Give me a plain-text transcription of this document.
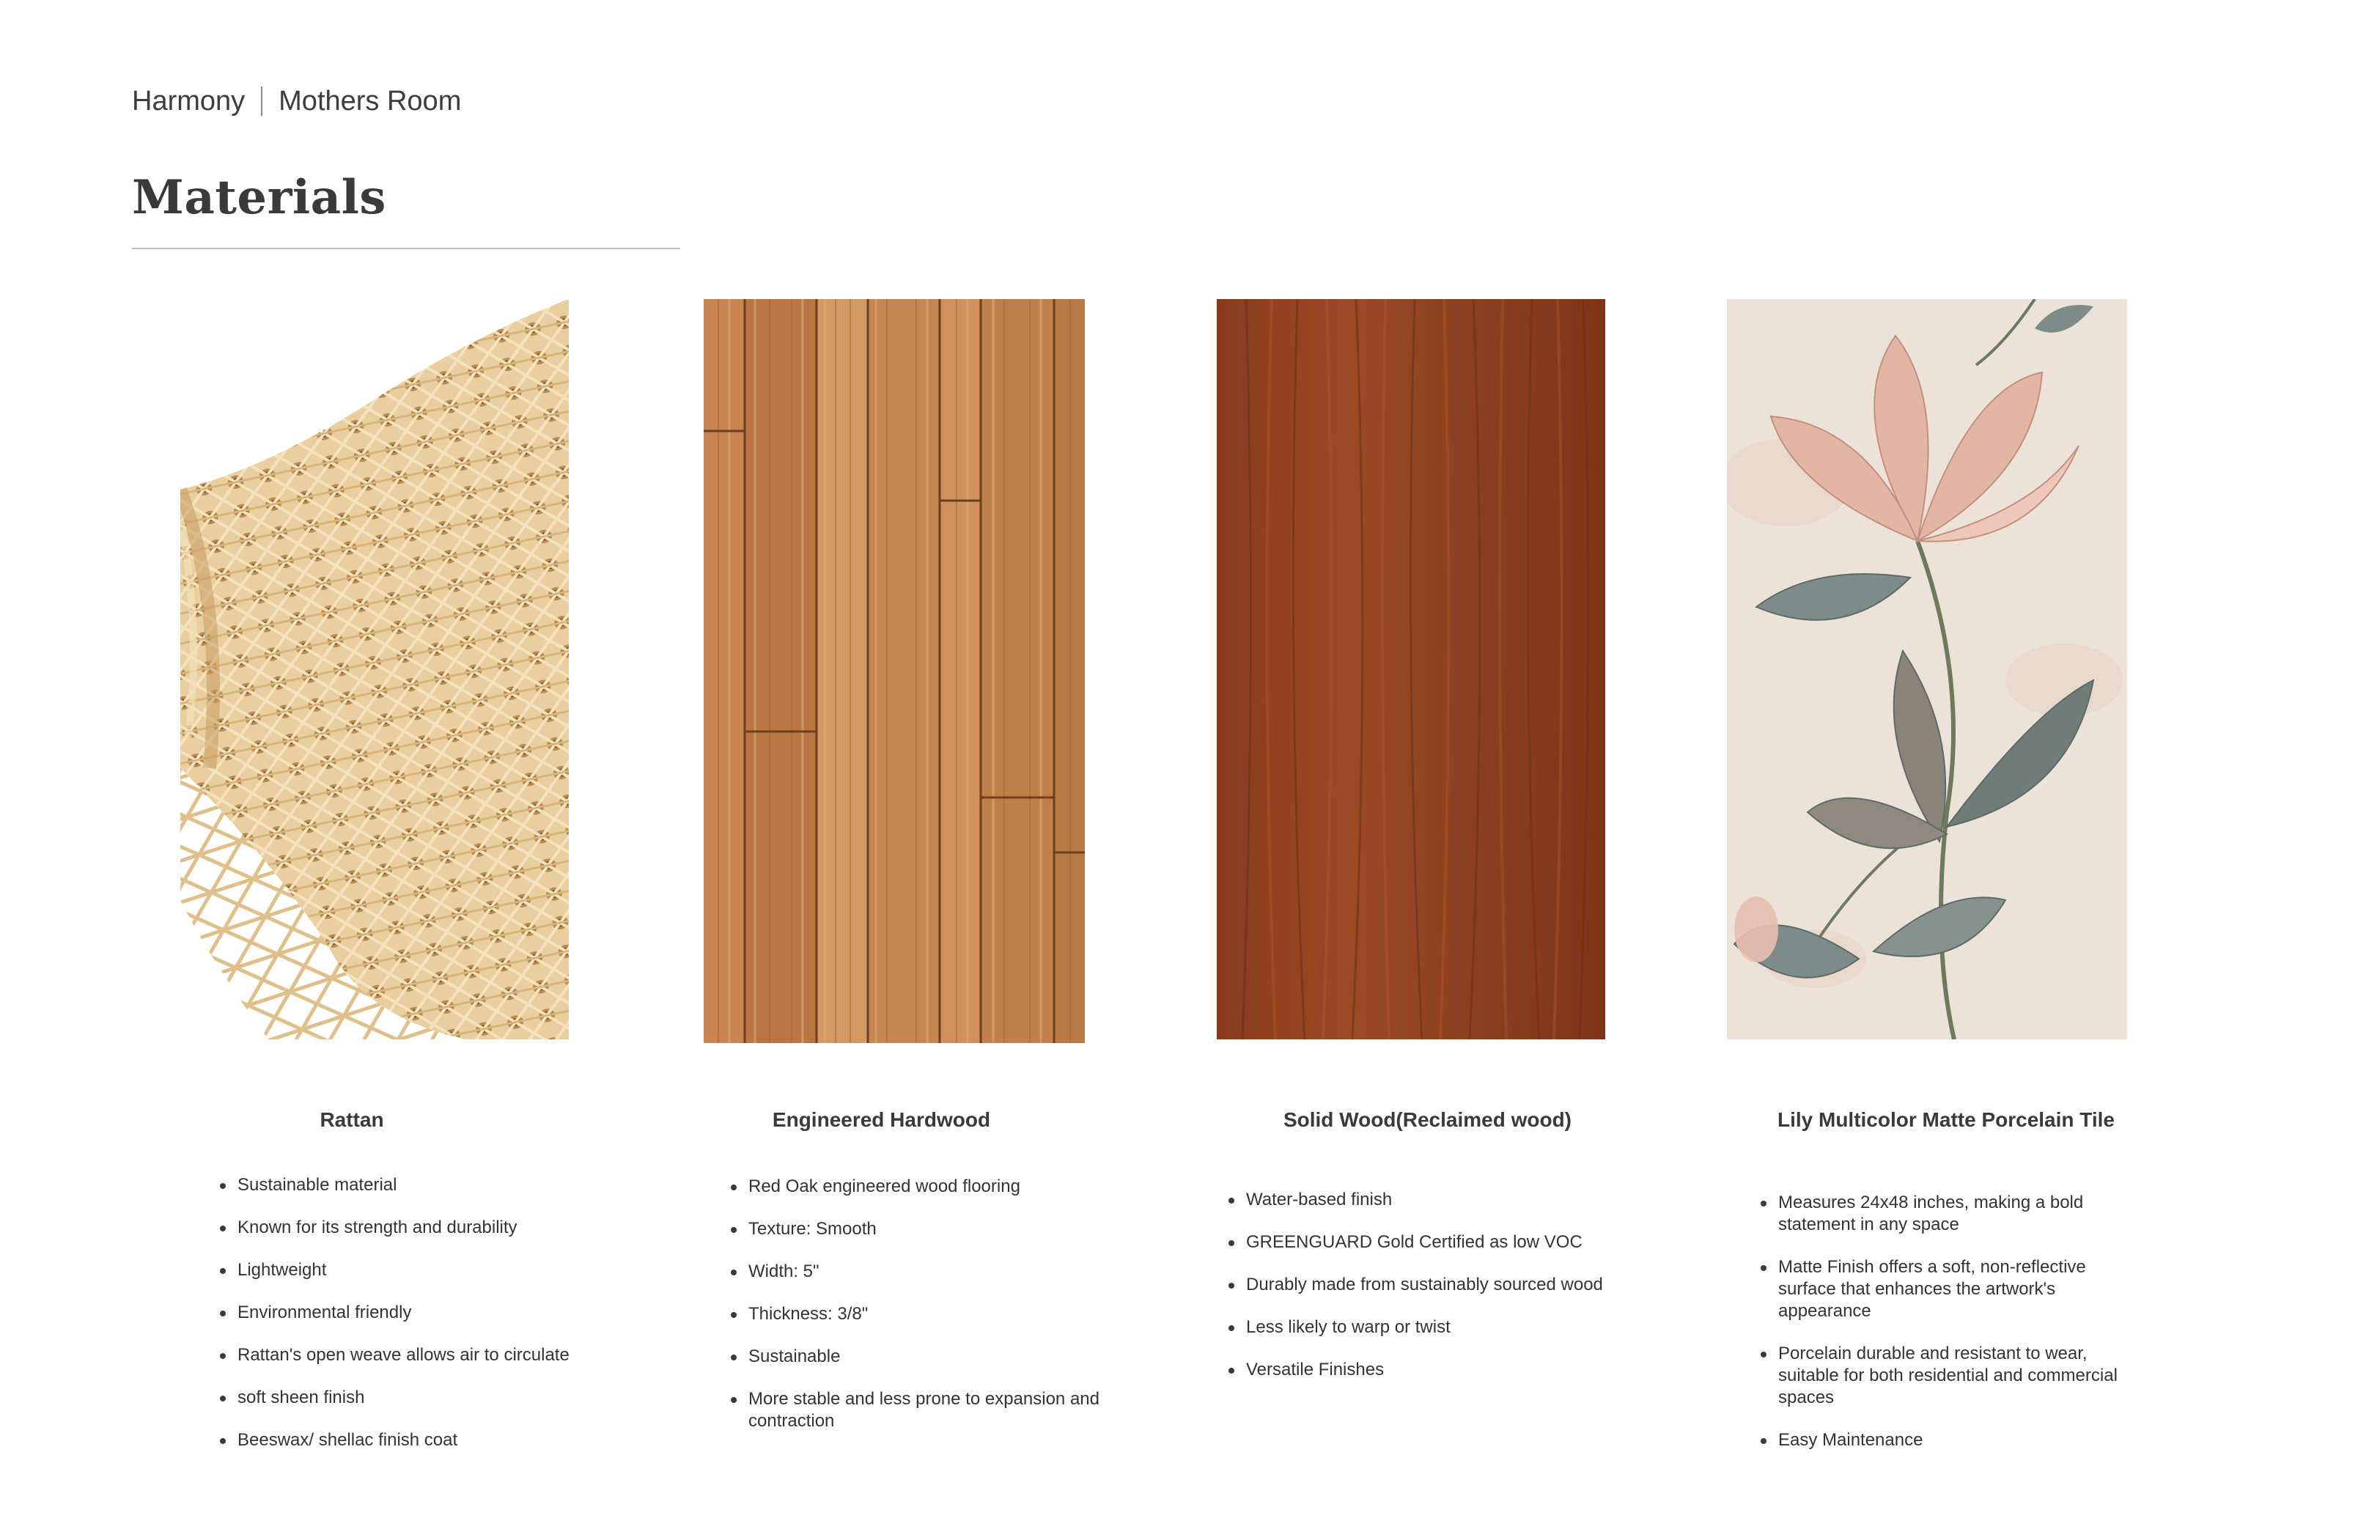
Harmony Mothers Room
Materials
Rattan	Engineered Hardwood	Solid Wood(Reclaimed wood)	Lily Multicolor Matte Porcelain Tile
Sustainable material
Known for its strength and durability
Lightweight
Environmental friendly
Rattan's open weave allows air to circulate
soft sheen finish
Beeswax/ shellac finish coat
Red Oak engineered wood flooring
Texture: Smooth
Width: 5"
Thickness: 3/8"
Sustainable
More stable and less prone to expansion and contraction
Water-based finish
GREENGUARD Gold Certified as low VOC
Durably made from sustainably sourced wood
Less likely to warp or twist
Versatile Finishes
Measures 24x48 inches, making a bold statement in any space
Matte Finish offers a soft, non-reflective surface that enhances the artwork's appearance
Porcelain durable and resistant to wear, suitable for both residential and commercial spaces
Easy Maintenance
